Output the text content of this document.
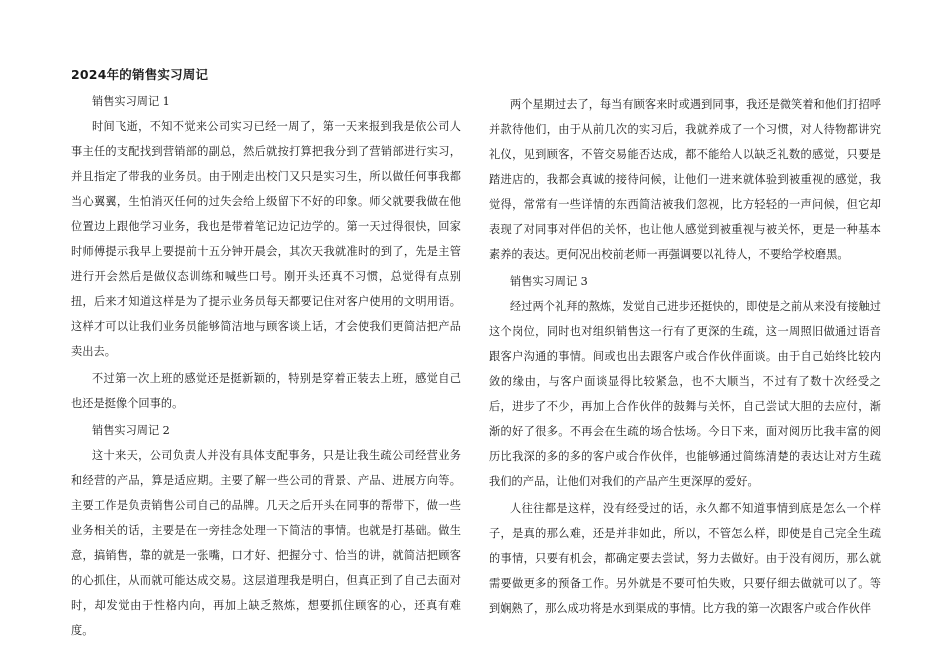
2024年的销售实习周记

销售实习周记 1

时间飞逝，不知不觉来公司实习已经一周了，第一天来报到我是依公司人事主任的支配找到营销部的副总，然后就按打算把我分到了营销部进行实习，并且指定了带我的业务员。由于刚走出校门又只是实习生，所以做任何事我都当心翼翼，生怕消灭任何的过失会给上级留下不好的印象。师父就要我做在他位置边上跟他学习业务，我也是带着笔记边记边学的。第一天过得很快，回家时师傅提示我早上要提前十五分钟开晨会，其次天我就准时的到了，先是主管进行开会然后是做仪态训练和喊些口号。刚开头还真不习惯，总觉得有点别扭，后来才知道这样是为了提示业务员每天都要记住对客户使用的文明用语。这样才可以让我们业务员能够简洁地与顾客谈上话，才会使我们更简洁把产品卖出去。

不过第一次上班的感觉还是挺新颖的，特别是穿着正装去上班，感觉自己也还是挺像个回事的。

销售实习周记 2

这十来天，公司负责人并没有具体支配事务，只是让我生疏公司经营业务和经营的产品，算是适应期。主要了解一些公司的背景、产品、进展方向等。主要工作是负责销售公司自己的品牌。几天之后开头在同事的帮带下，做一些业务相关的话，主要是在一旁挂念处理一下简洁的事情。也就是打基础。做生意，搞销售，靠的就是一张嘴，口才好、把握分寸、恰当的讲，就简洁把顾客的心抓住，从而就可能达成交易。这层道理我是明白，但真正到了自己去面对时，却发觉由于性格内向，再加上缺乏熬炼，想要抓住顾客的心，还真有难度。

两个星期过去了，每当有顾客来时或遇到同事，我还是微笑着和他们打招呼并款待他们，由于从前几次的实习后，我就养成了一个习惯，对人待物都讲究礼仪，见到顾客，不管交易能否达成，都不能给人以缺乏礼数的感觉，只要是踏进店的，我都会真诚的接待问候，让他们一进来就体验到被重视的感觉，我觉得，常常有一些详情的东西简洁被我们忽视，比方轻轻的一声问候，但它却表现了对同事对伴侣的关怀，也让他人感觉到被重视与被关怀，更是一种基本素养的表达。更何况出校前老师一再强调要以礼待人，不要给学校磨黑。

销售实习周记 3

经过两个礼拜的熬炼，发觉自己进步还挺快的，即使是之前从来没有接触过这个岗位，同时也对组织销售这一行有了更深的生疏，这一周照旧做通过语音跟客户沟通的事情。间或也出去跟客户或合作伙伴面谈。由于自己始终比较内敛的缘由，与客户面谈显得比较紧急，也不大顺当，不过有了数十次经受之后，进步了不少，再加上合作伙伴的鼓舞与关怀，自己尝试大胆的去应付，渐渐的好了很多。不再会在生疏的场合怯场。今日下来，面对阅历比我丰富的阅历比我深的多的多的客户或合作伙伴，也能够通过简练清楚的表达让对方生疏我们的产品，让他们对我们的产品产生更深厚的爱好。

人往往都是这样，没有经受过的话，永久都不知道事情到底是怎么一个样子，是真的那么难，还是并非如此，所以，不管怎么样，即使是自己完全生疏的事情，只要有机会，都确定要去尝试，努力去做好。由于没有阅历，那么就需要做更多的预备工作。另外就是不要可怕失败，只要仔细去做就可以了。等到娴熟了，那么成功将是水到渠成的事情。比方我的第一次跟客户或合作伙伴
